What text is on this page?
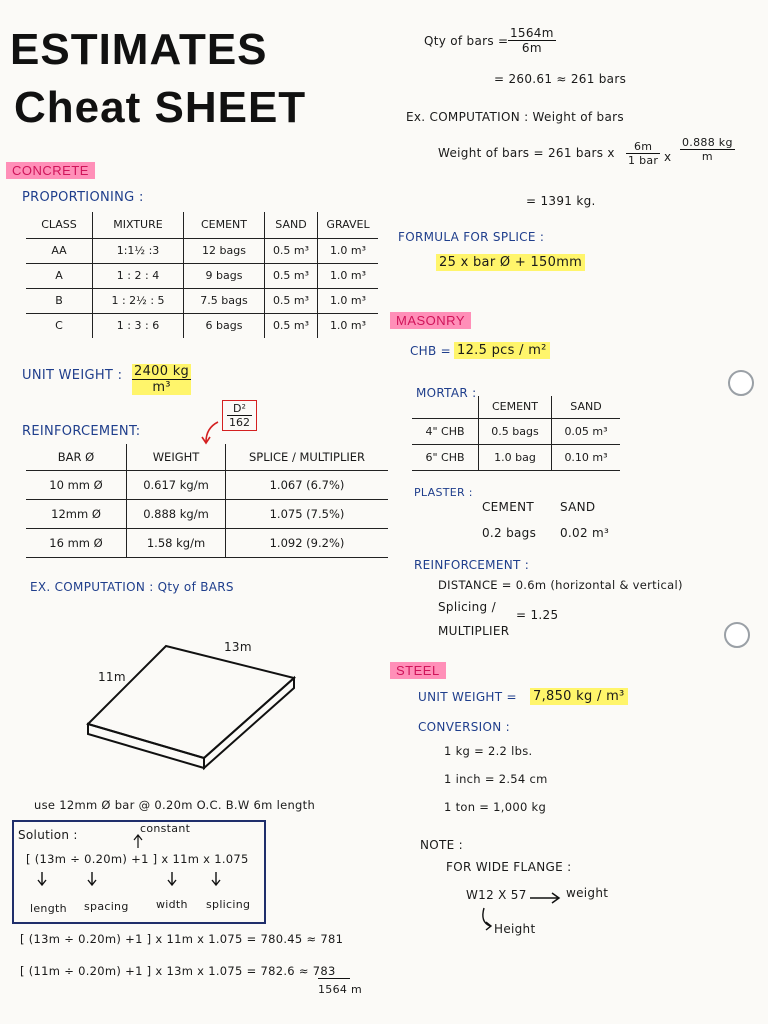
ESTIMATES
Cheat SHEET
CONCRETE
PROPORTIONING :
CLASS	MIXTURE	CEMENT	SAND	GRAVEL
AA	1:1½ :3	12 bags	0.5 m³	1.0 m³
A	1 : 2 : 4	9 bags	0.5 m³	1.0 m³
B	1 : 2½ : 5	7.5 bags	0.5 m³	1.0 m³
C	1 : 3 : 6	6 bags	0.5 m³	1.0 m³
UNIT WEIGHT : $\frac{2400 kg}{\text{m³}}$
REINFORCEMENT:
$\frac{\text{D²}}{162}$
BAR Ø	WEIGHT	SPLICE / MULTIPLIER
10 mm Ø	0.617 kg/m	1.067 (6.7%)
12mm Ø	0.888 kg/m	1.075 (7.5%)
16 mm Ø	1.58 kg/m	1.092 (9.2%)
EX. COMPUTATION : Qty of BARS
13m
11m
use 12mm Ø bar @ 0.20m O.C. B.W 6m length
Solution :	constant
[ (13m ÷ 0.20m) +1 ] x 11m x 1.075
length spacing width splicing
[ (13m ÷ 0.20m) +1 ] x 11m x 1.075 = 780.45 ≈ 781
[ (11m ÷ 0.20m) +1 ] x 13m x 1.075 = 782.6 ≈ 783
1564 m
Qty of bars = $\frac{1564m}{6m}$
= 260.61 ≈ 261 bars
Ex. COMPUTATION : Weight of bars
Weight of bars = 261 bars x $\frac{6m}{\text{1 bar}}$ x $\frac{0.888 kg}{m}$
= 1391 kg.
FORMULA FOR SPLICE :
25 x bar Ø + 150mm
MASONRY
CHB = 12.5 pcs / m²
MORTAR :
	CEMENT	SAND
4" CHB	0.5 bags	0.05 m³
6" CHB	1.0 bag	0.10 m³
PLASTER :
CEMENT SAND
0.2 bags 0.02 m³
REINFORCEMENT :
DISTANCE = 0.6m (horizontal & vertical)
Splicing /
= 1.25
MULTIPLIER
STEEL
UNIT WEIGHT = 7,850 kg / m³
CONVERSION :
1 kg = 2.2 lbs.
1 inch = 2.54 cm
1 ton = 1,000 kg
NOTE :
FOR WIDE FLANGE :
W12 X 57	weight
Height
